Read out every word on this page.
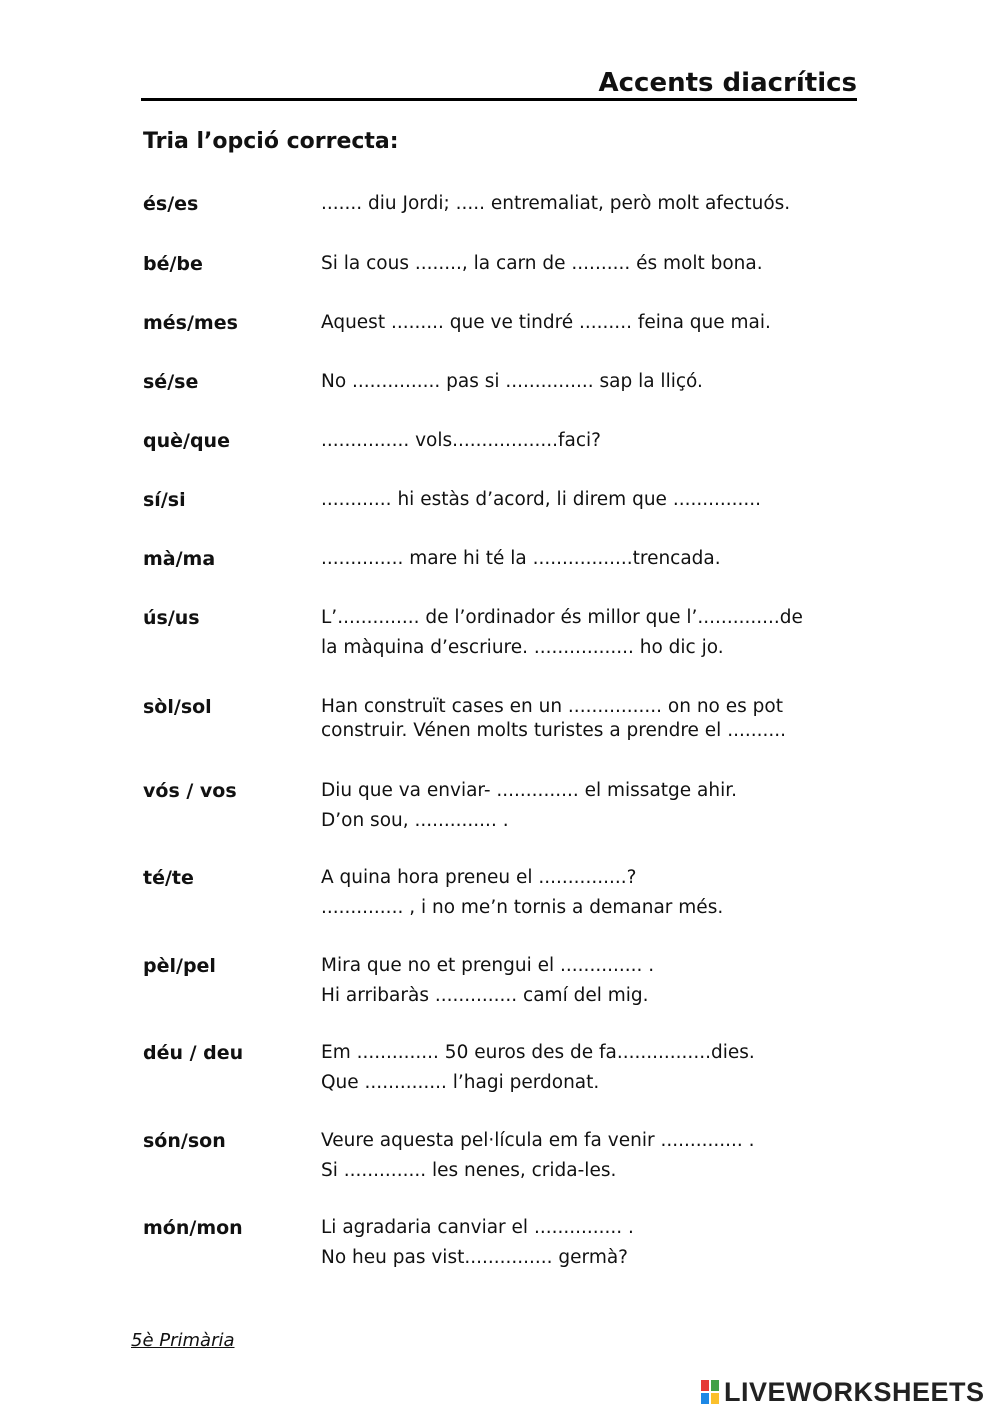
Accents diacrítics
Tria l’opció correcta:
és/es	....... diu Jordi; ..... entremaliat, però molt afectuós.
bé/be	Si la cous ........, la carn de .......... és molt bona.
més/mes	Aquest ......... que ve tindré ......... feina que mai.
sé/se	No ............... pas si ............... sap la lliçó.
què/que	............... vols..................faci?
sí/si	............ hi estàs d’acord, li direm que ...............
mà/ma	.............. mare hi té la .................trencada.
ús/us	L’.............. de l’ordinador és millor que l’..............de
la màquina d’escriure. ................. ho dic jo.
sòl/sol	Han construït cases en un ................ on no es pot
construir. Vénen molts turistes a prendre el ..........
vós / vos	Diu que va enviar- .............. el missatge ahir.
D’on sou, .............. .
té/te	A quina hora preneu el ...............?
.............. , i no me’n tornis a demanar més.
pèl/pel	Mira que no et prengui el .............. .
Hi arribaràs .............. camí del mig.
déu / deu	Em .............. 50 euros des de fa................dies.
Que .............. l’hagi perdonat.
són/son	Veure aquesta pel·lícula em fa venir .............. .
Si .............. les nenes, crida-les.
món/mon	Li agradaria canviar el ............... .
No heu pas vist............... germà?
5è Primària
LIVEWORKSHEETS
